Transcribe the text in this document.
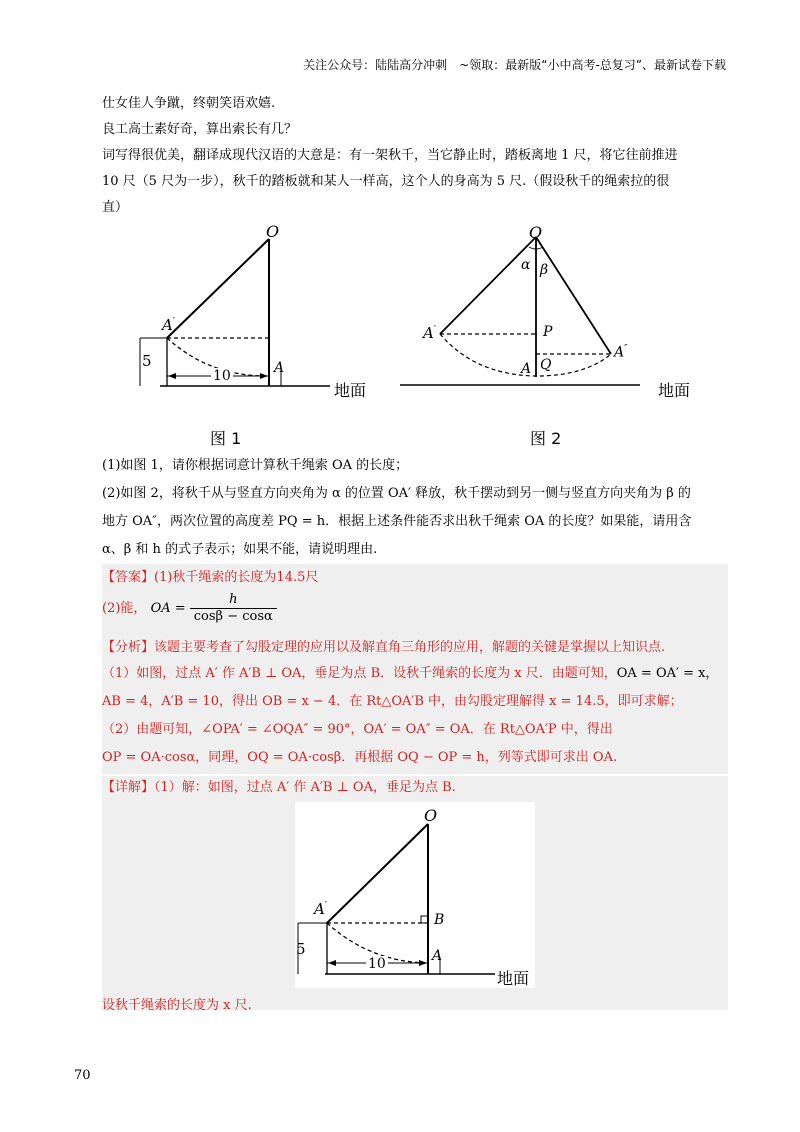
关注公众号：陆陆高分冲刺　~领取：最新版“小中高考-总复习”、最新试卷下载
仕女佳人争蹴，终朝笑语欢嬉.
良工高士素好奇，算出索长有几？
词写得很优美，翻译成现代汉语的大意是：有一架秋千，当它静止时，踏板离地 1 尺，将它往前推进
10 尺（5 尺为一步），秋千的踏板就和某人一样高，这个人的身高为 5 尺.（假设秋千的绳索拉的很
直）
O
A′
A
5
10
地面
图 1
O
α β
A′	P
A″
A Q
地面
图 2
(1)如图 1，请你根据词意计算秋千绳索 OA 的长度；
(2)如图 2，将秋千从与竖直方向夹角为 α 的位置 OA′ 释放，秋千摆动到另一侧与竖直方向夹角为 β 的
地方 OA″，两次位置的高度差 PQ = h．根据上述条件能否求出秋千绳索 OA 的长度？如果能，请用含
α、β 和 h 的式子表示；如果不能，请说明理由.
【答案】(1)秋千绳索的长度为14.5尺
(2)能， OA = $\frac{h}{\cos\beta - \cos\alpha}$
【分析】该题主要考查了勾股定理的应用以及解直角三角形的应用，解题的关键是掌握以上知识点.
（1）如图，过点 A′ 作 A′B ⊥ OA，垂足为点 B．设秋千绳索的长度为 x 尺．由题可知，OA = OA′ = x，
AB = 4，A′B = 10，得出 OB = x − 4．在 Rt△OA′B 中，由勾股定理解得 x = 14.5，即可求解；
（2）由题可知，∠OPA′ = ∠OQA″ = 90°，OA′ = OA″ = OA．在 Rt△OA′P 中，得出
OP = OA·cosα，同理，OQ = OA·cosβ．再根据 OQ − OP = h，列等式即可求出 OA.
【详解】（1）解：如图，过点 A′ 作 A′B ⊥ OA，垂足为点 B.
O
A′
B
A
5
10
地面
设秋千绳索的长度为 x 尺.
70
